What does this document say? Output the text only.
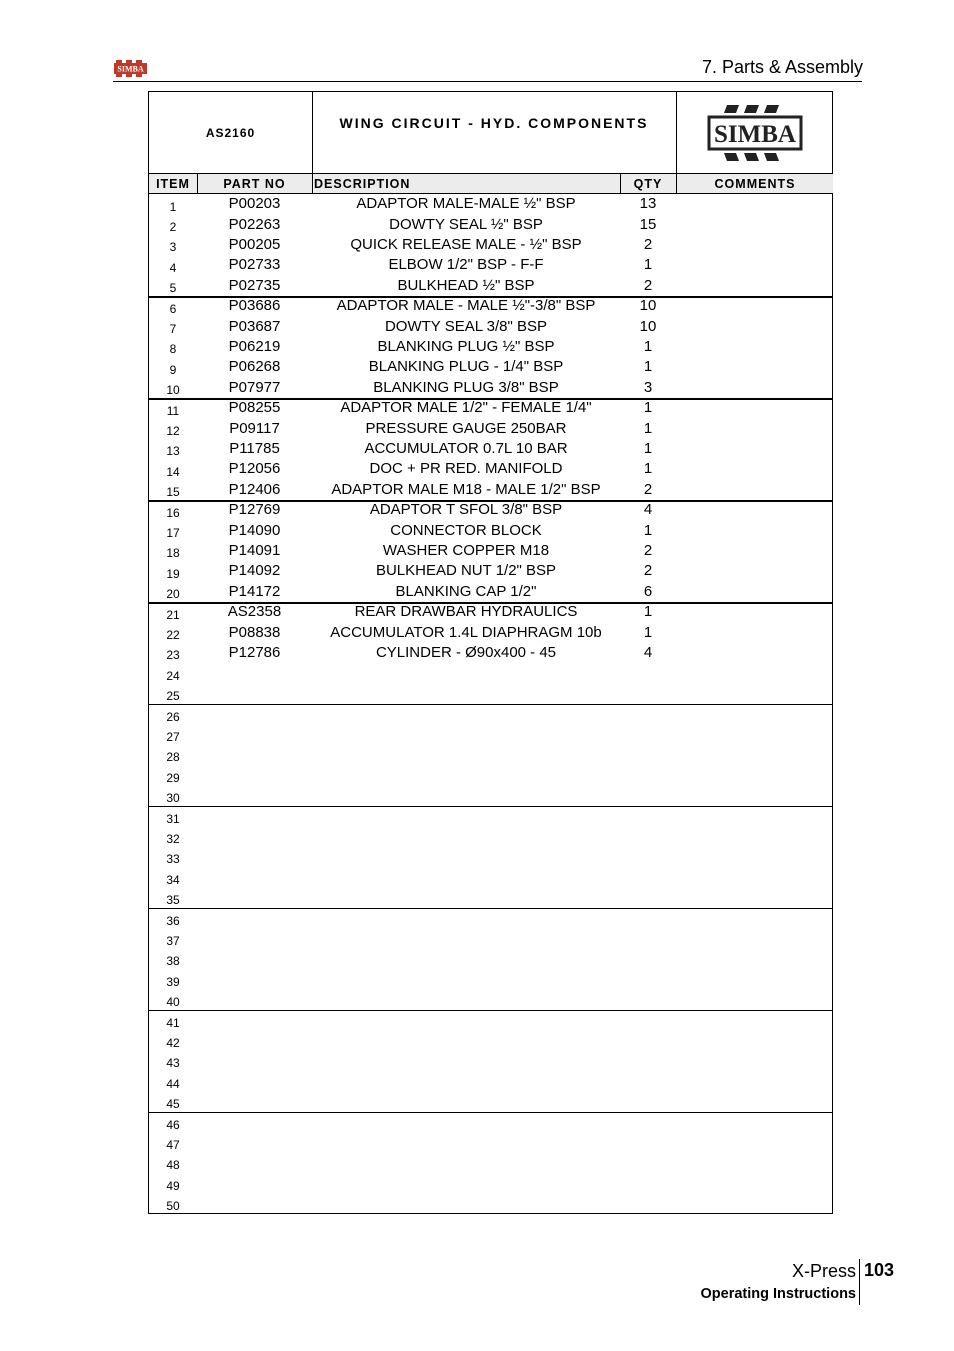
SIMBA	7. Parts & Assembly
AS2160
WING CIRCUIT - HYD. COMPONENTS	SIMBA
ITEM	PART NO	DESCRIPTION	QTY	COMMENTS
1	P00203	ADAPTOR MALE-MALE ½" BSP	13
2	P02263	DOWTY SEAL ½" BSP	15
3	P00205	QUICK RELEASE MALE - ½" BSP	2
4	P02733	ELBOW 1/2" BSP - F-F	1
5	P02735	BULKHEAD ½" BSP	2
6	P03686	ADAPTOR MALE - MALE ½"-3/8" BSP	10
7	P03687	DOWTY SEAL 3/8" BSP	10
8	P06219	BLANKING PLUG ½" BSP	1
9	P06268	BLANKING PLUG - 1/4" BSP	1
10	P07977	BLANKING PLUG 3/8" BSP	3
11	P08255	ADAPTOR MALE 1/2" - FEMALE 1/4"	1
12	P09117	PRESSURE GAUGE 250BAR	1
13	P11785	ACCUMULATOR 0.7L 10 BAR	1
14	P12056	DOC + PR RED. MANIFOLD	1
15	P12406	ADAPTOR MALE M18 - MALE 1/2" BSP	2
16	P12769	ADAPTOR T SFOL 3/8" BSP	4
17	P14090	CONNECTOR BLOCK	1
18	P14091	WASHER COPPER M18	2
19	P14092	BULKHEAD NUT 1/2" BSP	2
20	P14172	BLANKING CAP 1/2"	6
21	AS2358	REAR DRAWBAR HYDRAULICS	1
22	P08838	ACCUMULATOR 1.4L DIAPHRAGM 10b	1
23	P12786	CYLINDER - Ø90x400 - 45	4
24
25
26
27
28
29
30
31
32
33
34
35
36
37
38
39
40
41
42
43
44
45
46
47
48
49
50
X-Press 103
Operating Instructions
